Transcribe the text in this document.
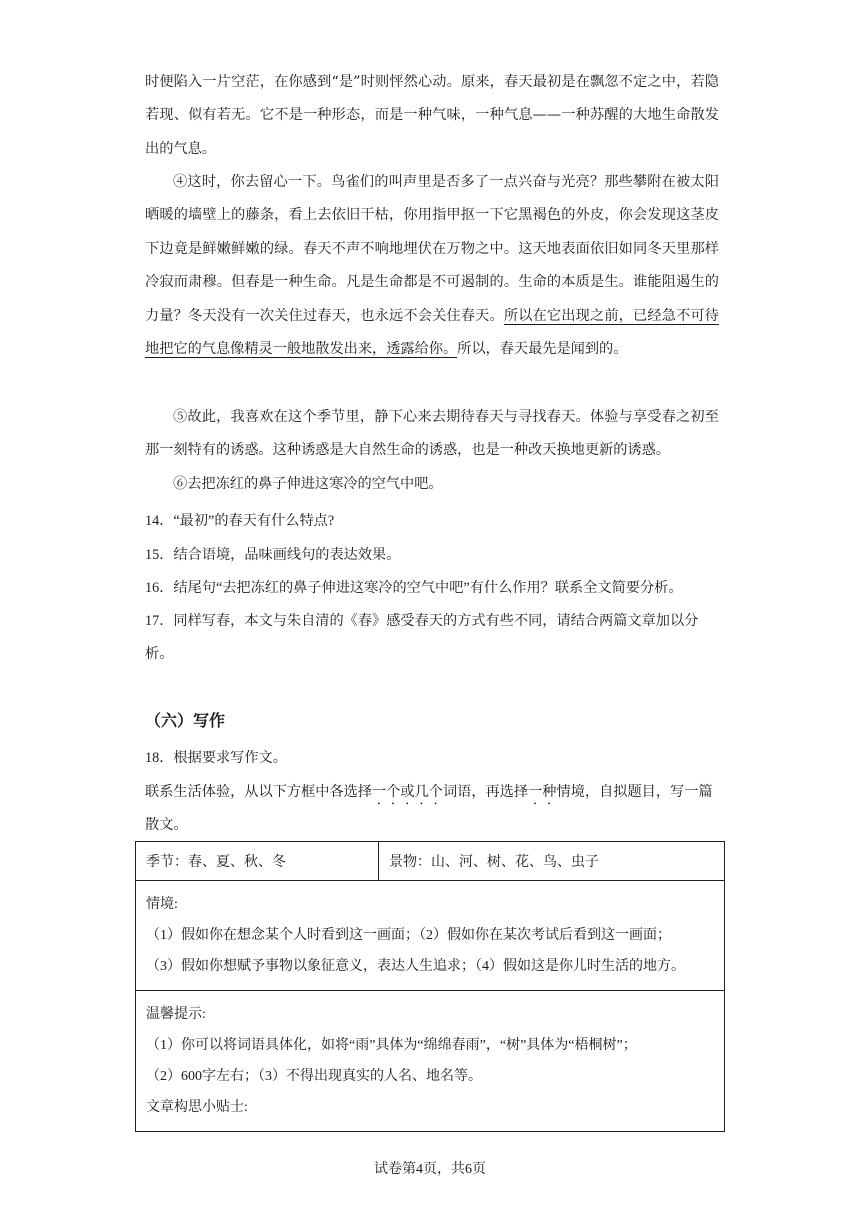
时便陷入一片空茫，在你感到“是”时则怦然心动。原来，春天最初是在飘忽不定之中，若隐若现、似有若无。它不是一种形态，而是一种气味，一种气息——一种苏醒的大地生命散发出的气息。

④这时，你去留心一下。鸟雀们的叫声里是否多了一点兴奋与光亮？那些攀附在被太阳晒暖的墙壁上的藤条，看上去依旧干枯，你用指甲抠一下它黑褐色的外皮，你会发现这茎皮下边竟是鲜嫩鲜嫩的绿。春天不声不响地埋伏在万物之中。这天地表面依旧如同冬天里那样冷寂而肃穆。但春是一种生命。凡是生命都是不可遏制的。生命的本质是生。谁能阻遏生的力量？冬天没有一次关住过春天，也永远不会关住春天。所以在它出现之前，已经急不可待地把它的气息像精灵一般地散发出来，透露给你。所以，春天最先是闻到的。

⑤故此，我喜欢在这个季节里，静下心来去期待春天与寻找春天。体验与享受春之初至那一刻特有的诱惑。这种诱惑是大自然生命的诱惑，也是一种改天换地更新的诱惑。

⑥去把冻红的鼻子伸进这寒冷的空气中吧。

14．“最初”的春天有什么特点?

15．结合语境，品味画线句的表达效果。

16．结尾句“去把冻红的鼻子伸进这寒冷的空气中吧”有什么作用？联系全文简要分析。

17．同样写春，本文与朱自清的《春》感受春天的方式有些不同，请结合两篇文章加以分析。

（六）写作

18．根据要求写作文。

联系生活体验，从以下方框中各选择一个或几个词语，再选择一种情境，自拟题目，写一篇散文。

季节：春、夏、秋、冬	景物：山、河、树、花、鸟、虫子

情境:
（1）假如你在想念某个人时看到这一画面；（2）假如你在某次考试后看到这一画面；
（3）假如你想赋予事物以象征意义，表达人生追求；（4）假如这是你儿时生活的地方。

温馨提示:
（1）你可以将词语具体化，如将“雨”具体为“绵绵春雨”，“树”具体为“梧桐树”；
（2）600字左右；（3）不得出现真实的人名、地名等。
文章构思小贴士:
试卷第4页，共6页
